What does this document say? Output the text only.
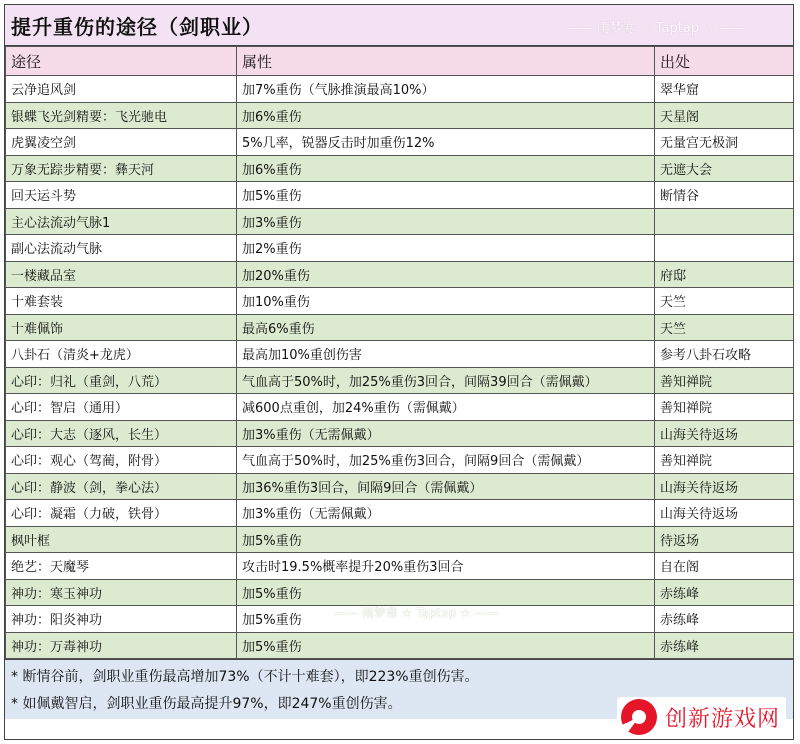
提升重伤的途径（剑职业）	—— 雨梦寒 ☆ Taptap ☆ ——
途径	属性	出处
云净追风剑	加7%重伤（气脉推演最高10%）	翠华窟
银蝶飞光剑精要：飞光驰电	加6%重伤	天星阁
虎翼凌空剑	5%几率，锐器反击时加重伤12%	无量宫无极洞
万象无踪步精要：彝天河	加6%重伤	无遮大会
回天运斗势	加5%重伤	断情谷
主心法流动气脉1	加3%重伤	
副心法流动气脉	加2%重伤	
一楼藏品室	加20%重伤	府邸
十难套装	加10%重伤	天竺
十难佩饰	最高6%重伤	天竺
八卦石（清炎+龙虎）	最高加10%重创伤害	参考八卦石攻略
心印：归礼（重剑，八荒）	气血高于50%时，加25%重伤3回合，间隔39回合（需佩戴）	善知禅院
心印：智启（通用）	减600点重创，加24%重伤（需佩戴）	善知禅院
心印：大志（逐风，长生）	加3%重伤（无需佩戴）	山海关待返场
心印：观心（驾蔺，附骨）	气血高于50%时，加25%重伤3回合，间隔9回合（需佩戴）	善知禅院
心印：静波（剑，拳心法）	加36%重伤3回合，间隔9回合（需佩戴）	山海关待返场
心印：凝霜（力破，铁骨）	加3%重伤（无需佩戴）	山海关待返场
枫叶框	加5%重伤	待返场
绝艺：天魔琴	攻击时19.5%概率提升20%重伤3回合	自在阁
神功：寒玉神功	加5%重伤	赤练峰
神功：阳炎神功	加5%重伤	赤练峰
神功：万毒神功	加5%重伤	赤练峰
* 断情谷前，剑职业重伤最高增加73%（不计十难套），即223%重创伤害。
* 如佩戴智启，剑职业重伤最高提升97%，即247%重创伤害。
—— 雨梦寒 ☆ Taptap ☆ ——
创新游戏网
